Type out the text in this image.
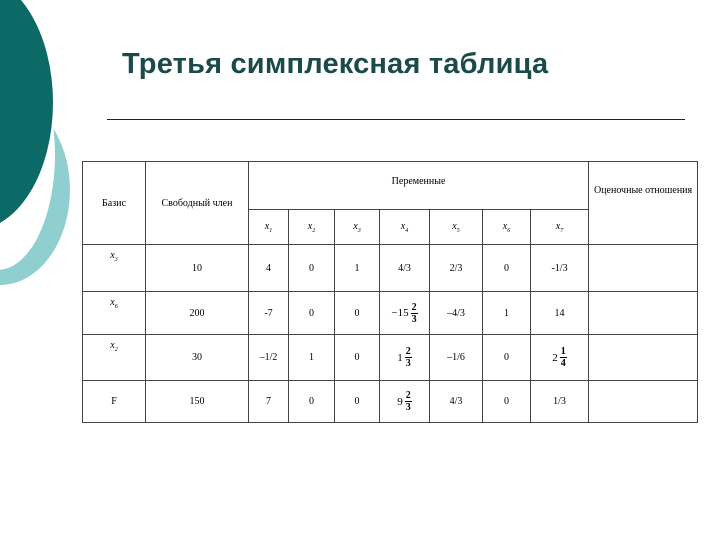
Третья симплексная таблица
Базис	Свободный член	Переменные							Оценочные отношения
		$x_1$	$x_2$	$x_3$	$x_4$	$x_5$	$x_6$	$x_7$
$x_3$	10	4	0	1	4/3	2/3	0	-1/3	
$x_6$	200	-7	0	0	$-15 \frac{2}{3}$	–4/3	1	14	
$x_2$	30	–1/2	1	0	$1 \frac{2}{3}$	–1/6	0	$2 \frac{1}{4}$

F	150	7	0	0	$9 \frac{2}{3}$	4/3	0	1/3	
